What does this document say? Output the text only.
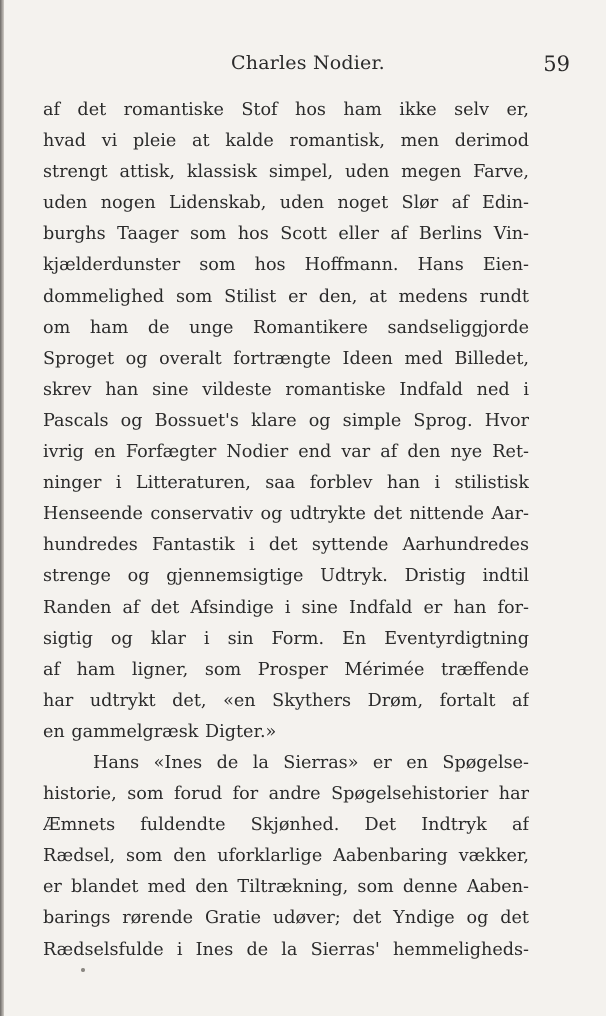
Charles Nodier.	59
af det romantiske Stof hos ham ikke selv er,
hvad vi pleie at kalde romantisk, men derimod
strengt attisk, klassisk simpel, uden megen Farve,
uden nogen Lidenskab, uden noget Slør af Edin-
burghs Taager som hos Scott eller af Berlins Vin-
kjælderdunster som hos Hoffmann. Hans Eien-
dommelighed som Stilist er den, at medens rundt
om ham de unge Romantikere sandseliggjorde
Sproget og overalt fortrængte Ideen med Billedet,
skrev han sine vildeste romantiske Indfald ned i
Pascals og Bossuet's klare og simple Sprog. Hvor
ivrig en Forfægter Nodier end var af den nye Ret-
ninger i Litteraturen, saa forblev han i stilistisk
Henseende conservativ og udtrykte det nittende Aar-
hundredes Fantastik i det syttende Aarhundredes
strenge og gjennemsigtige Udtryk. Dristig indtil
Randen af det Afsindige i sine Indfald er han for-
sigtig og klar i sin Form. En Eventyrdigtning
af ham ligner, som Prosper Mérimée træffende
har udtrykt det, «en Skythers Drøm, fortalt af
en gammelgræsk Digter.»
Hans «Ines de la Sierras» er en Spøgelse-
historie, som forud for andre Spøgelsehistorier har
Æmnets fuldendte Skjønhed. Det Indtryk af
Rædsel, som den uforklarlige Aabenbaring vækker,
er blandet med den Tiltrækning, som denne Aaben-
barings rørende Gratie udøver; det Yndige og det
Rædselsfulde i Ines de la Sierras' hemmeligheds-
